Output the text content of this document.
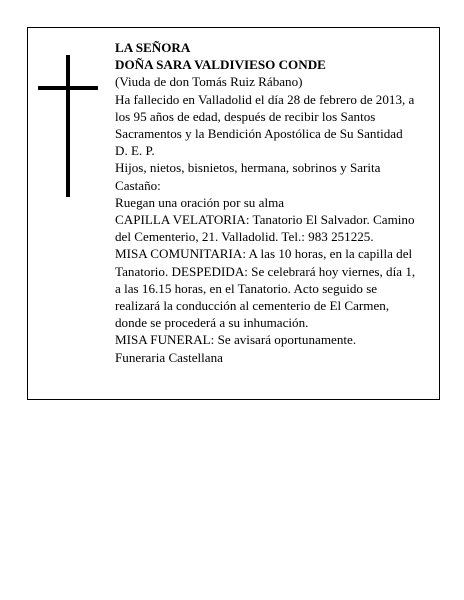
LA SEÑORA

DOÑA SARA VALDIVIESO CONDE

(Viuda de don Tomás Ruiz Rábano)

Ha fallecido en Valladolid el día 28 de febrero de 2013, a los 95 años de edad, después de recibir los Santos Sacramentos y la Bendición Apostólica de Su Santidad

D. E. P.

Hijos, nietos, bisnietos, hermana, sobrinos y Sarita Castaño:

Ruegan una oración por su alma

CAPILLA VELATORIA: Tanatorio El Salvador. Camino del Cementerio, 21. Valladolid. Tel.: 983 251225.

MISA COMUNITARIA: A las 10 horas, en la capilla del Tanatorio. DESPEDIDA: Se celebrará hoy viernes, día 1, a las 16.15 horas, en el Tanatorio. Acto seguido se realizará la conducción al cementerio de El Carmen, donde se procederá a su inhumación.

MISA FUNERAL: Se avisará oportunamente.

Funeraria Castellana
